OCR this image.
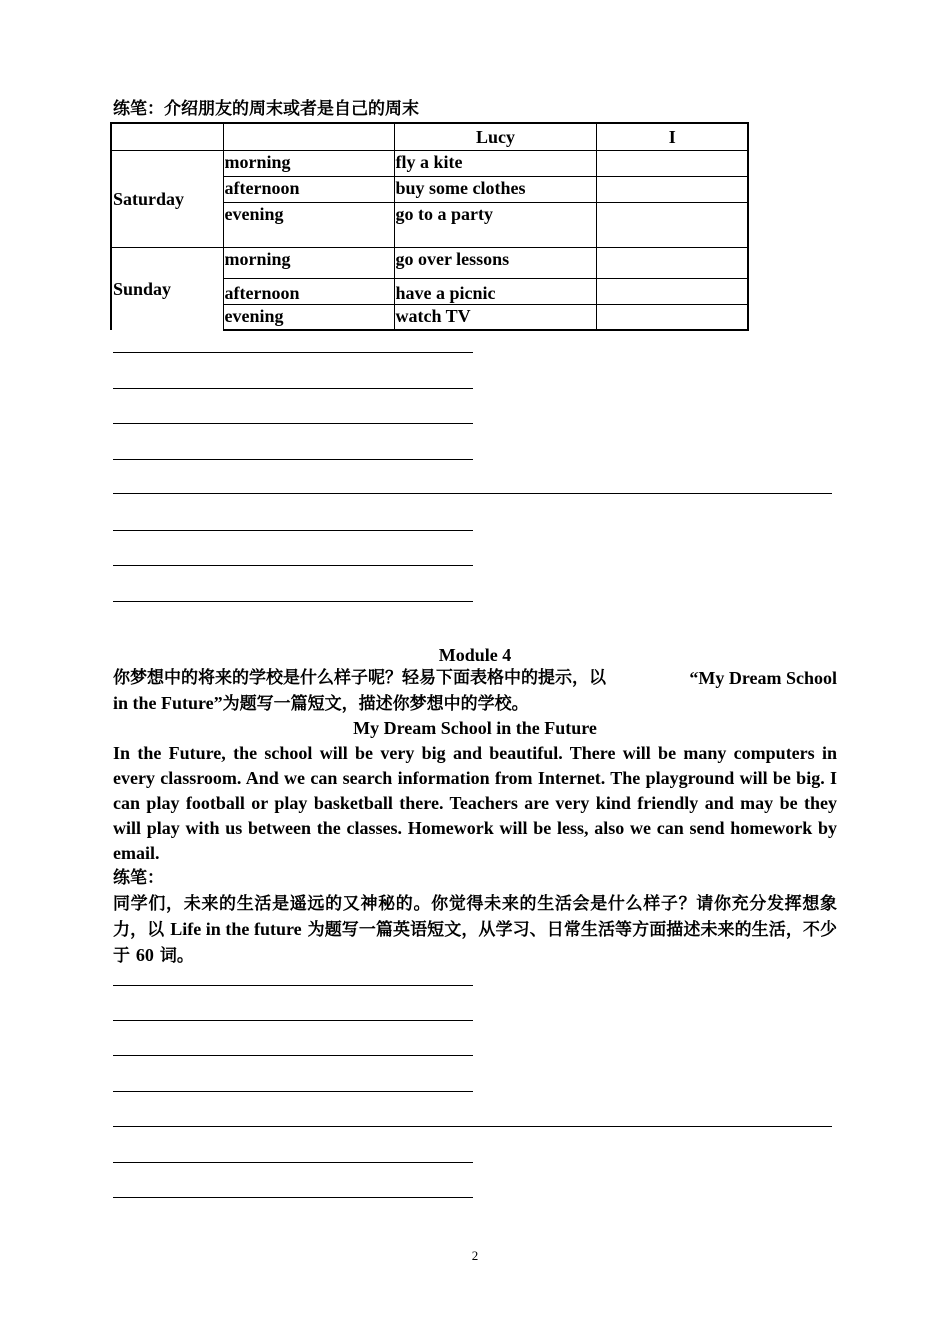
练笔：介绍朋友的周末或者是自己的周末
		Lucy	I
Saturday	morning	fly a kite	
	afternoon	buy some clothes	
	evening	go to a party	
Sunday	morning	go over lessons	
	afternoon	have a picnic	
	evening	watch TV	
Module 4
你梦想中的将来的学校是什么样子呢？轻易下面表格中的提示，以	“My Dream School
in the Future”为题写一篇短文，描述你梦想中的学校。
My Dream School in the Future
In the Future, the school will be very big and beautiful. There will be many computers in every classroom. And we can search information from Internet. The playground will be big. I can play football or play basketball there. Teachers are very kind friendly and may be they will play with us between the classes. Homework will be less, also we can send homework by email.
练笔：
同学们，未来的生活是遥远的又神秘的。你觉得未来的生活会是什么样子？请你充分发挥想象力，以 Life in the future 为题写一篇英语短文，从学习、日常生活等方面描述未来的生活，不少于 60 词。
2
